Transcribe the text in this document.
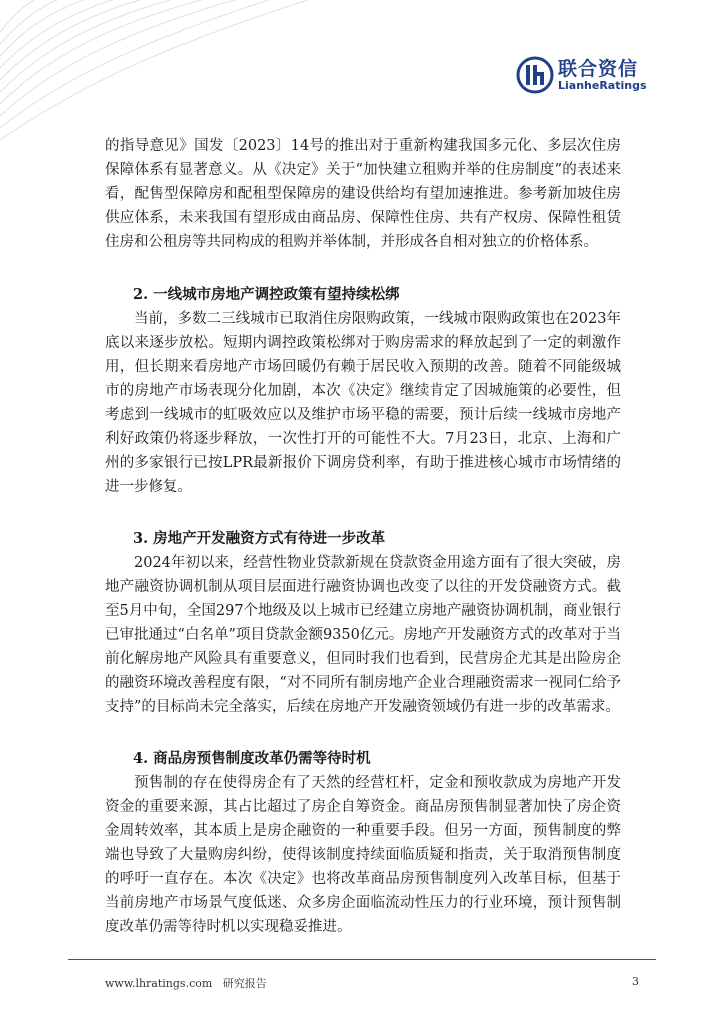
联合资信
LianheRatings

的指导意见》国发〔2023〕14号的推出对于重新构建我国多元化、多层次住房保障体系有显著意义。从《决定》关于“加快建立租购并举的住房制度”的表述来看，配售型保障房和配租型保障房的建设供给均有望加速推进。参考新加坡住房供应体系，未来我国有望形成由商品房、保障性住房、共有产权房、保障性租赁住房和公租房等共同构成的租购并举体制，并形成各自相对独立的价格体系。

2. 一线城市房地产调控政策有望持续松绑

当前，多数二三线城市已取消住房限购政策，一线城市限购政策也在2023年底以来逐步放松。短期内调控政策松绑对于购房需求的释放起到了一定的刺激作用，但长期来看房地产市场回暖仍有赖于居民收入预期的改善。随着不同能级城市的房地产市场表现分化加剧，本次《决定》继续肯定了因城施策的必要性，但考虑到一线城市的虹吸效应以及维护市场平稳的需要，预计后续一线城市房地产利好政策仍将逐步释放，一次性打开的可能性不大。7月23日，北京、上海和广州的多家银行已按LPR最新报价下调房贷利率，有助于推进核心城市市场情绪的进一步修复。

3. 房地产开发融资方式有待进一步改革

2024年初以来，经营性物业贷款新规在贷款资金用途方面有了很大突破，房地产融资协调机制从项目层面进行融资协调也改变了以往的开发贷融资方式。截至5月中旬，全国297个地级及以上城市已经建立房地产融资协调机制，商业银行已审批通过“白名单”项目贷款金额9350亿元。房地产开发融资方式的改革对于当前化解房地产风险具有重要意义，但同时我们也看到，民营房企尤其是出险房企的融资环境改善程度有限，“对不同所有制房地产企业合理融资需求一视同仁给予支持”的目标尚未完全落实，后续在房地产开发融资领域仍有进一步的改革需求。

4. 商品房预售制度改革仍需等待时机

预售制的存在使得房企有了天然的经营杠杆，定金和预收款成为房地产开发资金的重要来源，其占比超过了房企自筹资金。商品房预售制显著加快了房企资金周转效率，其本质上是房企融资的一种重要手段。但另一方面，预售制度的弊端也导致了大量购房纠纷，使得该制度持续面临质疑和指责，关于取消预售制度的呼吁一直存在。本次《决定》也将改革商品房预售制度列入改革目标，但基于当前房地产市场景气度低迷、众多房企面临流动性压力的行业环境，预计预售制度改革仍需等待时机以实现稳妥推进。

www.lhratings.com 研究报告	3
